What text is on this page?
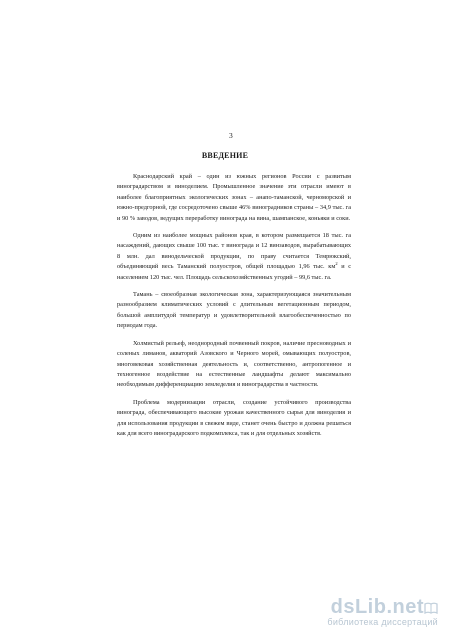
3
ВВЕДЕНИЕ

Краснодарский край – один из южных регионов России с развитым виноградарством и виноделием. Промышленное значение эти отрасли имеют в наиболее благоприятных экологических зонах – анапо-таманской, черноморской и южно-предгорной, где сосредоточено свыше 46% виноградников страны – 34,9 тыс. га и 90 % заводов, ведущих переработку винограда на вина, шампанское, коньяки и соки.

Одним из наиболее мощных районов края, в котором размещается 18 тыс. га насаждений, дающих свыше 100 тыс. т винограда и 12 винзаводов, вырабатывающих 8 млн. дал винодельческой продукции, по праву считается Темрюкский, объединяющий весь Таманский полуостров, общей площадью 1,96 тыс. $км^2$ и с населением 120 тыс. чел. Площадь сельскохозяйственных угодий – 99,6 тыс. га.

Тамань – своеобразная экологическая зона, характеризующаяся значительным разнообразием климатических условий с длительным вегетационным периодом, большой амплитудой температур и удовлетворительной влагообеспеченностью по периодам года.

Холмистый рельеф, неоднородный почвенный покров, наличие пресноводных и соленых лиманов, акваторий Азовского и Черного морей, омывающих полуостров, многовековая хозяйственная деятельность и, соответственно, антропогенное и техногенное воздействие на естественные ландшафты делают максимально необходимым дифференциацию земледелия и виноградарства в частности.

Проблема модернизации отрасли, создание устойчивого производства винограда, обеспечивающего высокие урожаи качественного сырья для виноделия и для использования продукции в свежем виде, станет очень быстро и должна решаться как для всего виноградарского подкомплекса, так и для отдельных хозяйств.

dsLib.net
библиотека диссертаций
